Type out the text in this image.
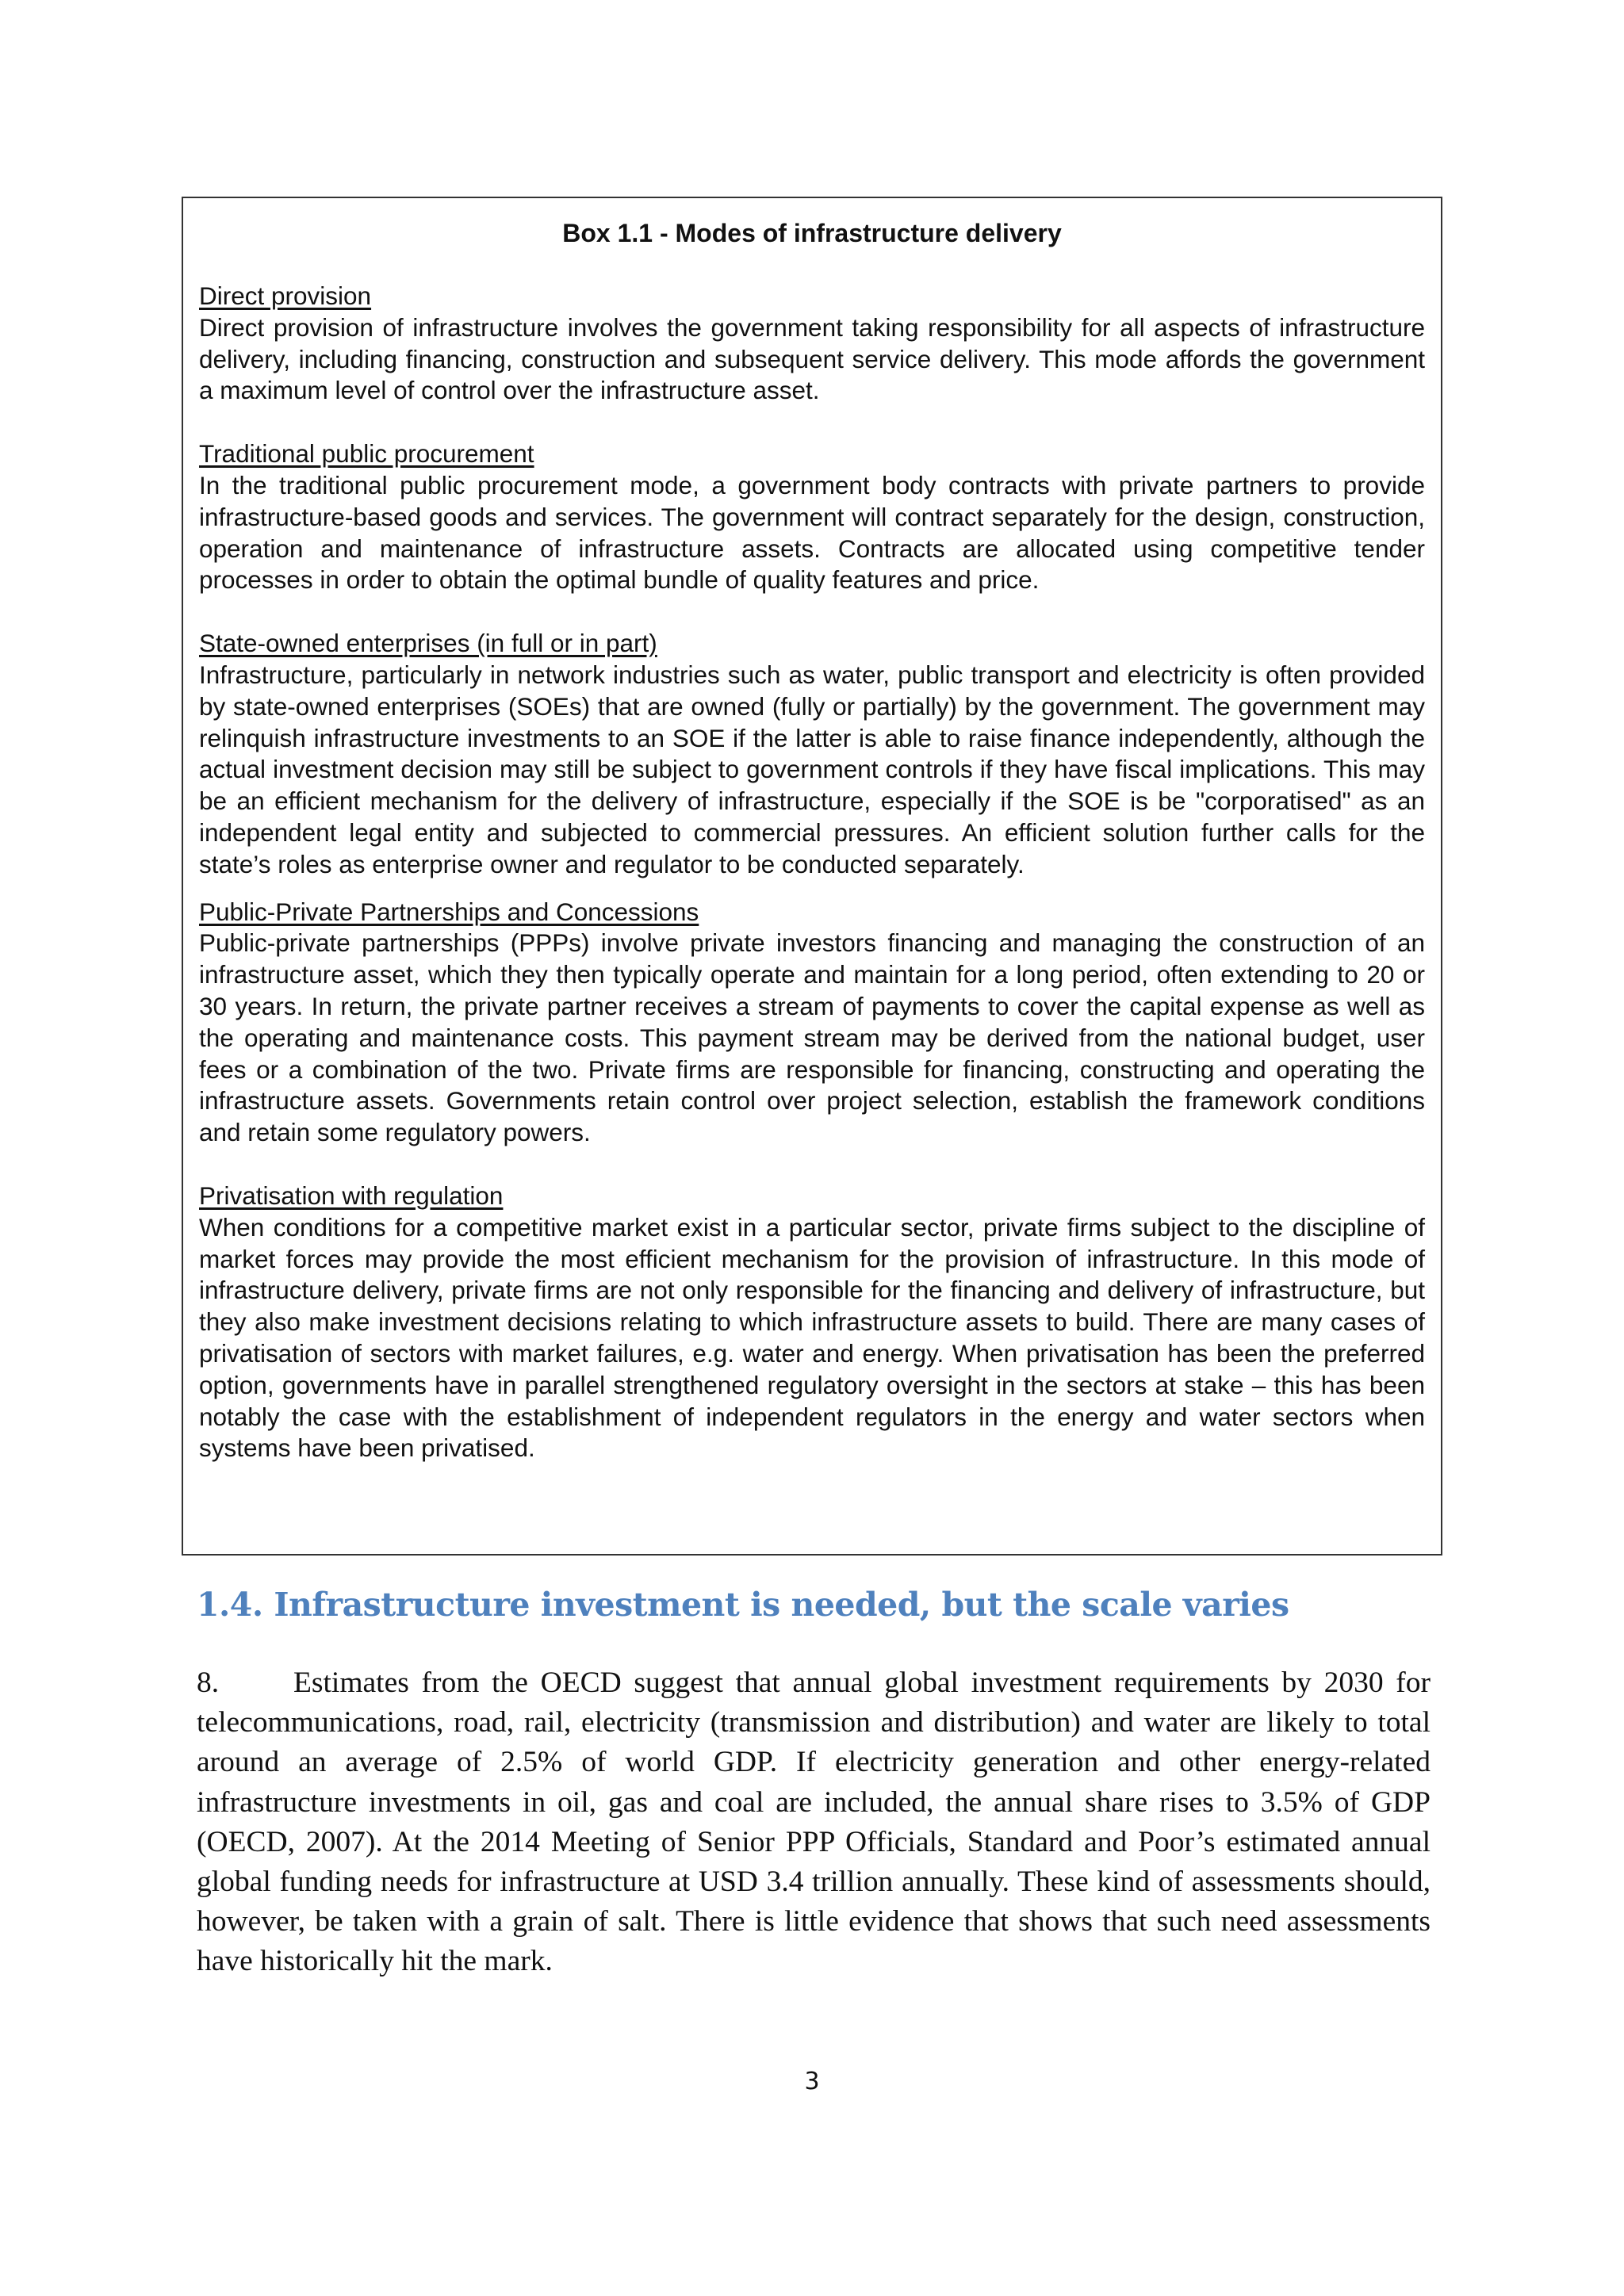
Box 1.1 - Modes of infrastructure delivery
Direct provision
Direct provision of infrastructure involves the government taking responsibility for all aspects of infrastructure delivery, including financing, construction and subsequent service delivery. This mode affords the government a maximum level of control over the infrastructure asset.
Traditional public procurement
In the traditional public procurement mode, a government body contracts with private partners to provide infrastructure-based goods and services. The government will contract separately for the design, construction, operation and maintenance of infrastructure assets. Contracts are allocated using competitive tender processes in order to obtain the optimal bundle of quality features and price.
State-owned enterprises (in full or in part)
Infrastructure, particularly in network industries such as water, public transport and electricity is often provided by state-owned enterprises (SOEs) that are owned (fully or partially) by the government. The government may relinquish infrastructure investments to an SOE if the latter is able to raise finance independently, although the actual investment decision may still be subject to government controls if they have fiscal implications. This may be an efficient mechanism for the delivery of infrastructure, especially if the SOE is be "corporatised" as an independent legal entity and subjected to commercial pressures. An efficient solution further calls for the state’s roles as enterprise owner and regulator to be conducted separately.
Public-Private Partnerships and Concessions
Public-private partnerships (PPPs) involve private investors financing and managing the construction of an infrastructure asset, which they then typically operate and maintain for a long period, often extending to 20 or 30 years. In return, the private partner receives a stream of payments to cover the capital expense as well as the operating and maintenance costs. This payment stream may be derived from the national budget, user fees or a combination of the two. Private firms are responsible for financing, constructing and operating the infrastructure assets. Governments retain control over project selection, establish the framework conditions and retain some regulatory powers.
Privatisation with regulation
When conditions for a competitive market exist in a particular sector, private firms subject to the discipline of market forces may provide the most efficient mechanism for the provision of infrastructure. In this mode of infrastructure delivery, private firms are not only responsible for the financing and delivery of infrastructure, but they also make investment decisions relating to which infrastructure assets to build. There are many cases of privatisation of sectors with market failures, e.g. water and energy. When privatisation has been the preferred option, governments have in parallel strengthened regulatory oversight in the sectors at stake – this has been notably the case with the establishment of independent regulators in the energy and water sectors when systems have been privatised.
1.4. Infrastructure investment is needed, but the scale varies

8.	Estimates from the OECD suggest that annual global investment requirements by 2030 for telecommunications, road, rail, electricity (transmission and distribution) and water are likely to total around an average of 2.5% of world GDP. If electricity generation and other energy-related infrastructure investments in oil, gas and coal are included, the annual share rises to 3.5% of GDP (OECD, 2007). At the 2014 Meeting of Senior PPP Officials, Standard and Poor’s estimated annual global funding needs for infrastructure at USD 3.4 trillion annually. These kind of assessments should, however, be taken with a grain of salt. There is little evidence that shows that such need assessments have historically hit the mark.

3
